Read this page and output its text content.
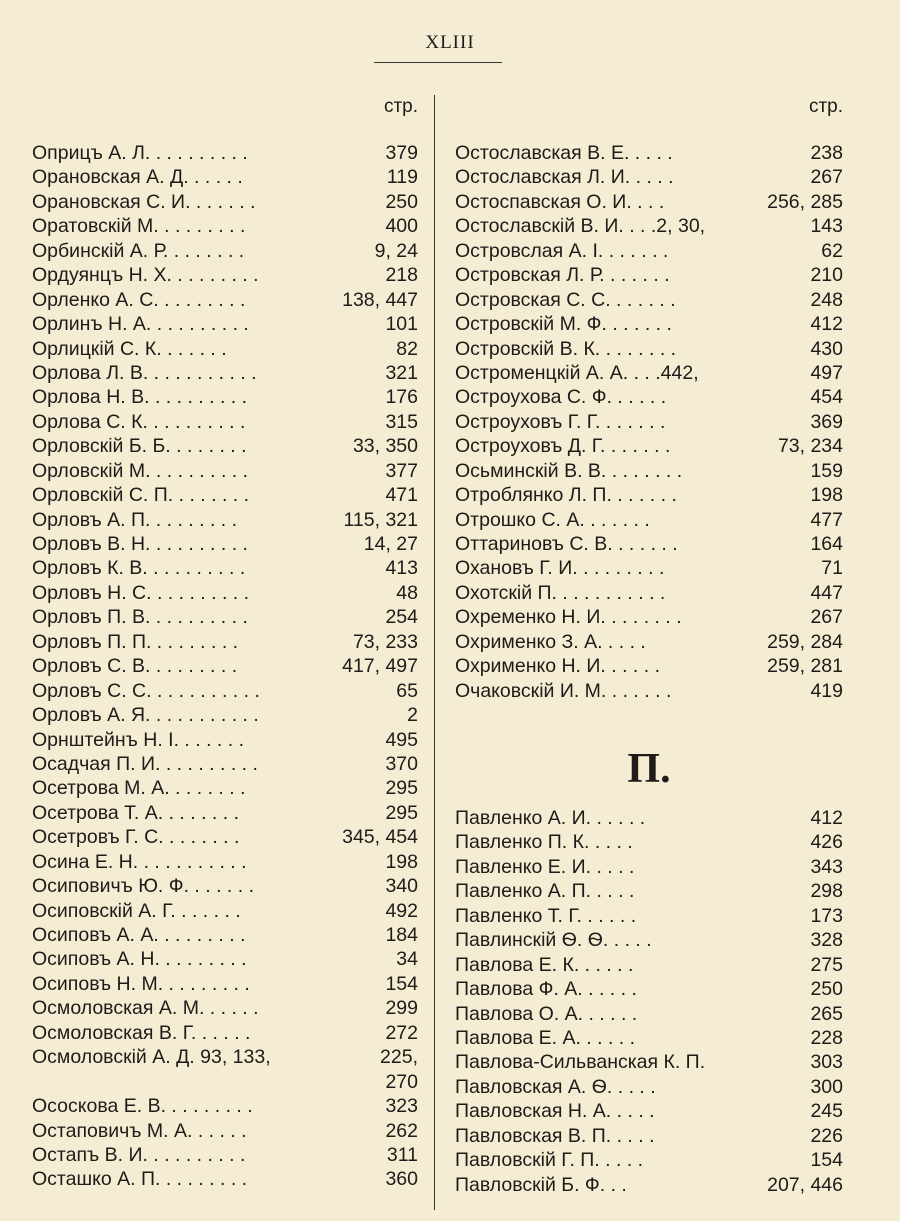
XLIII
стр.
Оприцъ А. Л. . . . . . . . . .	379
Орановская А. Д. . . . . .	119
Орановская С. И. . . . . . .	250
Оратовскій М. . . . . . . . .	400
Орбинскій А. Р. . . . . . . .	9, 24
Ордуянцъ Н. Х. . . . . . . . .	218
Орленко А. С. . . . . . . . .	138, 447
Орлинъ Н. А. . . . . . . . . .	101
Орлицкій С. К. . . . . . .	82
Орлова Л. В. . . . . . . . . . .	321
Орлова Н. В. . . . . . . . . .	176
Орлова С. К. . . . . . . . . .	315
Орловскій Б. Б. . . . . . . .	33, 350
Орловскій М. . . . . . . . . .	377
Орловскій С. П. . . . . . . .	471
Орловъ А. П. . . . . . . . .	115, 321
Орловъ В. Н. . . . . . . . . .	14, 27
Орловъ К. В. . . . . . . . . .	413
Орловъ Н. С. . . . . . . . . .	48
Орловъ П. В. . . . . . . . . .	254
Орловъ П. П. . . . . . . . .	73, 233
Орловъ С. В. . . . . . . . .	417, 497
Орловъ С. С. . . . . . . . . . .	65
Орловъ А. Я. . . . . . . . . . .	2
Орнштейнъ Н. І. . . . . . .	495
Осадчая П. И. . . . . . . . . .	370
Осетрова М. А. . . . . . . .	295
Осетрова Т. А. . . . . . . .	295
Осетровъ Г. С. . . . . . . .	345, 454
Осина Е. Н. . . . . . . . . . .	198
Осиповичъ Ю. Ф. . . . . . .	340
Осиповскій А. Г. . . . . . .	492
Осиповъ А. А. . . . . . . . .	184
Осиповъ А. Н. . . . . . . . .	34
Осиповъ Н. М. . . . . . . . .	154
Осмоловская А. М. . . . . .	299
Осмоловская В. Г. . . . . .	272
Осмоловскій А. Д. 93, 133,	225,
270
Ососкова Е. В. . . . . . . . .	323
Остаповичъ М. А. . . . . .	262
Остапъ В. И. . . . . . . . . .	311
Осташко А. П. . . . . . . . .	360
стр.
Остославская В. Е. . . . .	238
Остославская Л. И. . . . .	267
Остоспавская О. И. . . .	256, 285
Остославскій В. И. . . .2, 30,	143
Островслая А. І. . . . . . .	62
Островская Л. Р. . . . . . .	210
Островская С. С. . . . . . .	248
Островскій М. Ф. . . . . . .	412
Островскій В. К. . . . . . . .	430
Остроменцкій А. А. . . .442,	497
Остроухова С. Ф. . . . . .	454
Остроуховъ Г. Г. . . . . . .	369
Остроуховъ Д. Г. . . . . . .	73, 234
Осьминскій В. В. . . . . . . .	159
Отроблянко Л. П. . . . . . .	198
Отрошко С. А. . . . . . .	477
Оттариновъ С. В. . . . . . .	164
Охановъ Г. И. . . . . . . . .	71
Охотскій П. . . . . . . . . . .	447
Охременко Н. И. . . . . . . .	267
Охрименко З. А. . . . .	259, 284
Охрименко Н. И. . . . . .	259, 281
Очаковскій И. М. . . . . . .	419
П.
Павленко А. И. . . . . .	412
Павленко П. К. . . . .	426
Павленко Е. И. . . . .	343
Павленко А. П. . . . .	298
Павленко Т. Г. . . . . .	173
Павлинскій Ѳ. Ѳ. . . . .	328
Павлова Е. К. . . . . .	275
Павлова Ф. А. . . . . .	250
Павлова О. А. . . . . .	265
Павлова Е. А. . . . . .	228
Павлова-Сильванская К. П.	303
Павловская А. Ѳ. . . . .	300
Павловская Н. А. . . . .	245
Павловская В. П. . . . .	226
Павловскій Г. П. . . . .	154
Павловскій Б. Ф. . .	207, 446
